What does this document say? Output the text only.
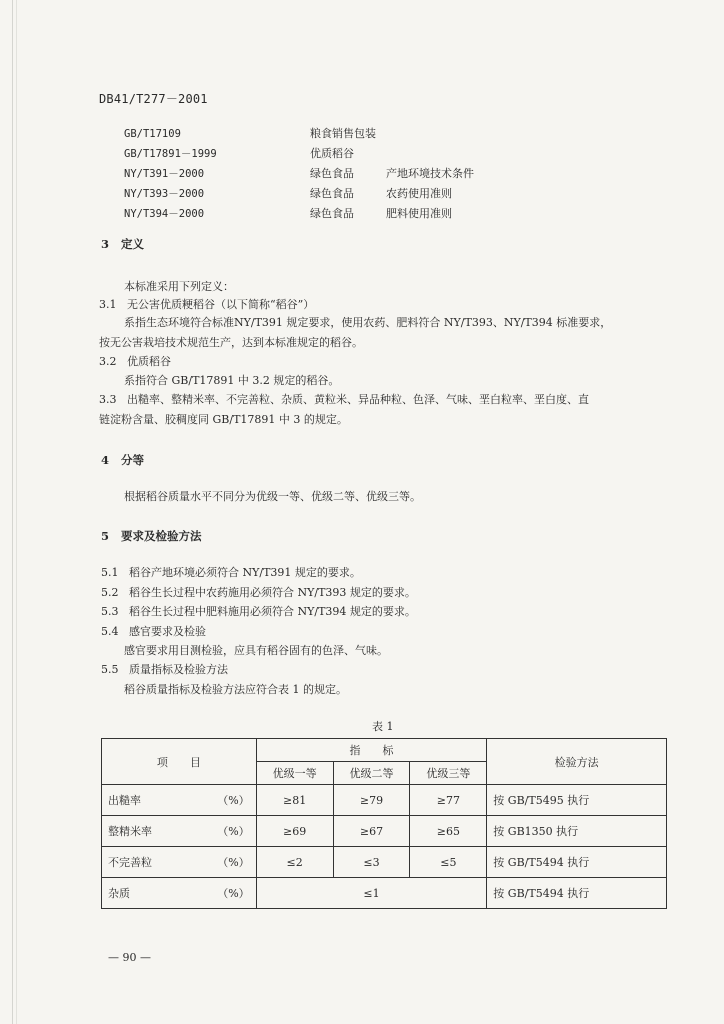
DB41/T277－2001
GB/T17109	粮食销售包装
GB/T17891－1999	优质稻谷
NY/T391－2000	绿色食品	产地环境技术条件
NY/T393－2000	绿色食品	农药使用准则
NY/T394－2000	绿色食品	肥料使用准则
3 定义
本标准采用下列定义：
3.1 无公害优质粳稻谷（以下简称“稻谷”）
系指生态环境符合标准NY/T391 规定要求，使用农药、肥料符合 NY/T393、NY/T394 标准要求，
按无公害栽培技术规范生产，达到本标准规定的稻谷。
3.2 优质稻谷
系指符合 GB/T17891 中 3.2 规定的稻谷。
3.3 出糙率、整精米率、不完善粒、杂质、黄粒米、异品种粒、色泽、气味、垩白粒率、垩白度、直
链淀粉含量、胶稠度同 GB/T17891 中 3 的规定。
4 分等
根据稻谷质量水平不同分为优级一等、优级二等、优级三等。
5 要求及检验方法
5.1 稻谷产地环境必须符合 NY/T391 规定的要求。
5.2 稻谷生长过程中农药施用必须符合 NY/T393 规定的要求。
5.3 稻谷生长过程中肥料施用必须符合 NY/T394 规定的要求。
5.4 感官要求及检验
感官要求用目测检验，应具有稻谷固有的色泽、气味。
5.5 质量指标及检验方法
稻谷质量指标及检验方法应符合表 1 的规定。
表 1
项　　目	指　　标			检验方法
	优级一等	优级二等	优级三等	
出糙率 （%）	≥81	≥79	≥77	按 GB/T5495 执行
整精米率 （%）	≥69	≥67	≥65	按 GB1350 执行
不完善粒 （%）	≤2	≤3	≤5	按 GB/T5494 执行
杂质 （%）	≤1			按 GB/T5494 执行
— 90 —
